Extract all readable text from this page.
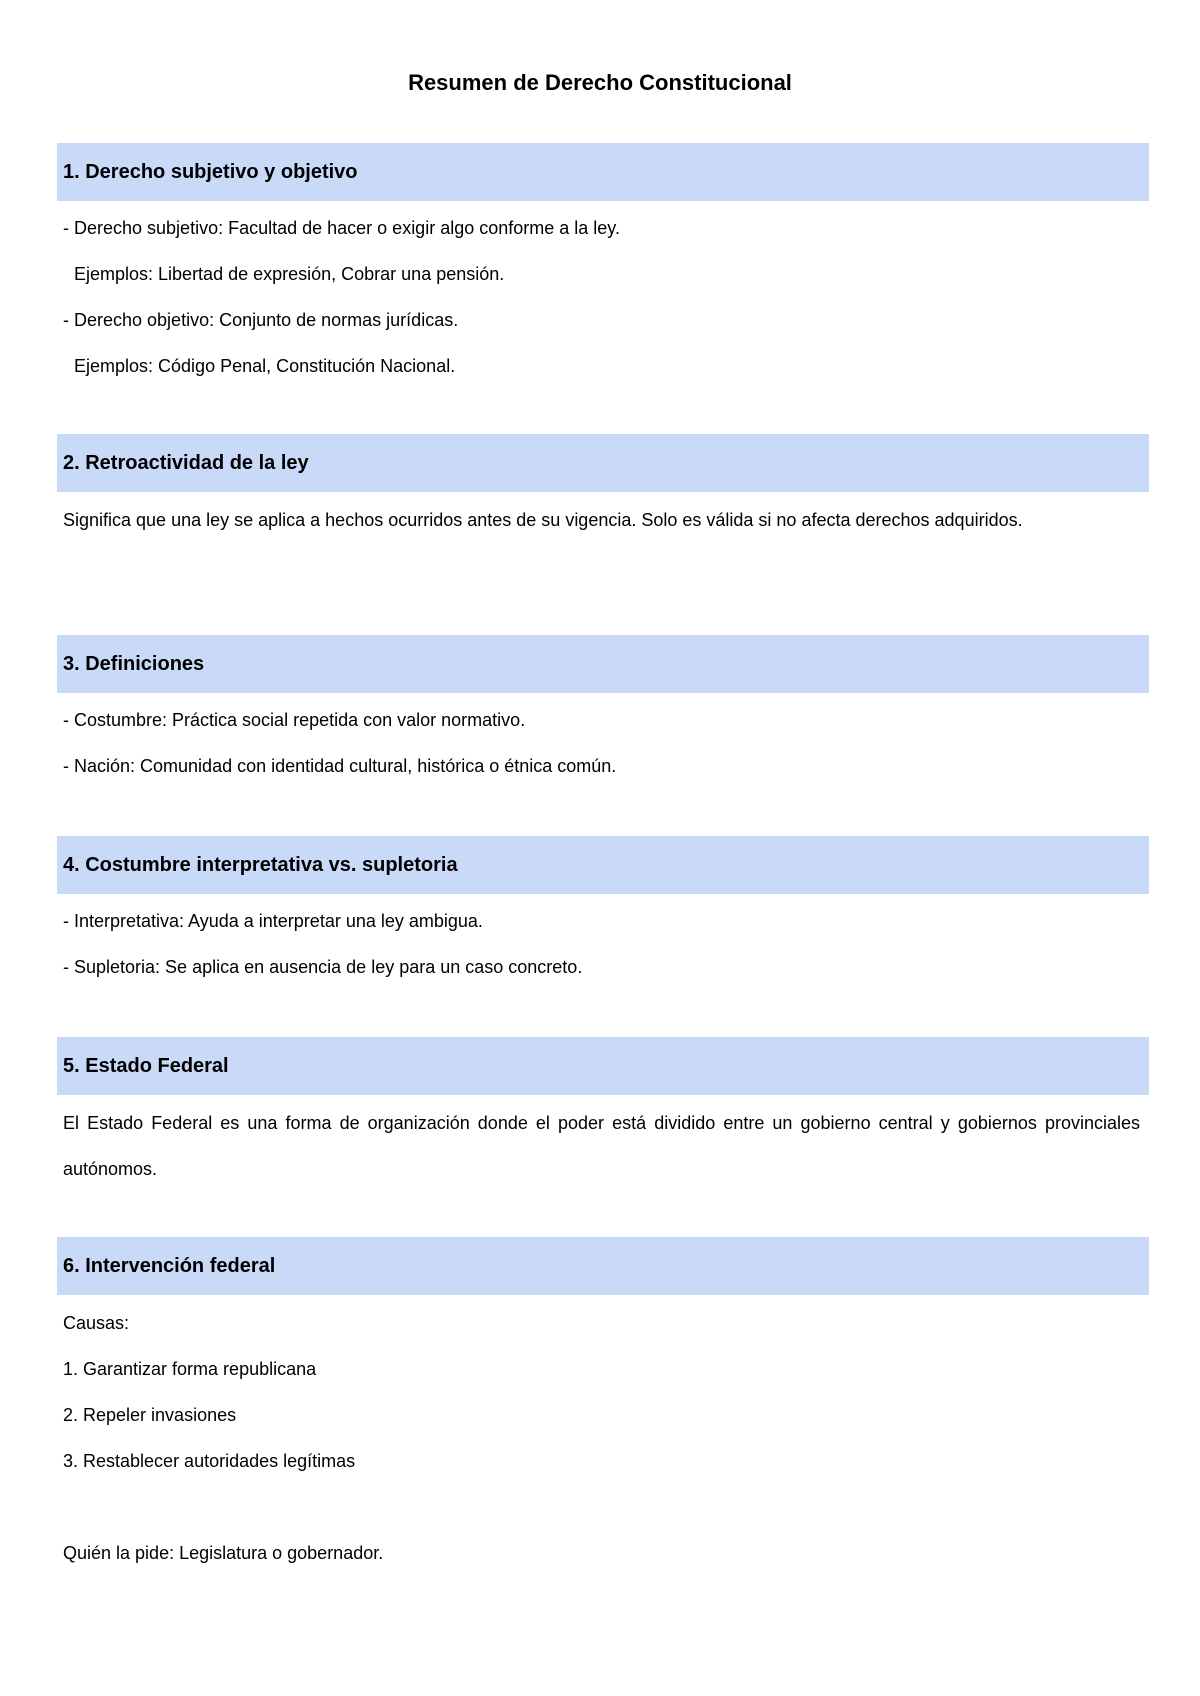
Resumen de Derecho Constitucional
1. Derecho subjetivo y objetivo
- Derecho subjetivo: Facultad de hacer o exigir algo conforme a la ley.
Ejemplos: Libertad de expresión, Cobrar una pensión.
- Derecho objetivo: Conjunto de normas jurídicas.
Ejemplos: Código Penal, Constitución Nacional.
2. Retroactividad de la ley
Significa que una ley se aplica a hechos ocurridos antes de su vigencia. Solo es válida si no afecta derechos adquiridos.
3. Definiciones
- Costumbre: Práctica social repetida con valor normativo.
- Nación: Comunidad con identidad cultural, histórica o étnica común.
4. Costumbre interpretativa vs. supletoria
- Interpretativa: Ayuda a interpretar una ley ambigua.
- Supletoria: Se aplica en ausencia de ley para un caso concreto.
5. Estado Federal
El Estado Federal es una forma de organización donde el poder está dividido entre un gobierno central y gobiernos provinciales autónomos.
6. Intervención federal
Causas:
1. Garantizar forma republicana
2. Repeler invasiones
3. Restablecer autoridades legítimas
Quién la pide: Legislatura o gobernador.
